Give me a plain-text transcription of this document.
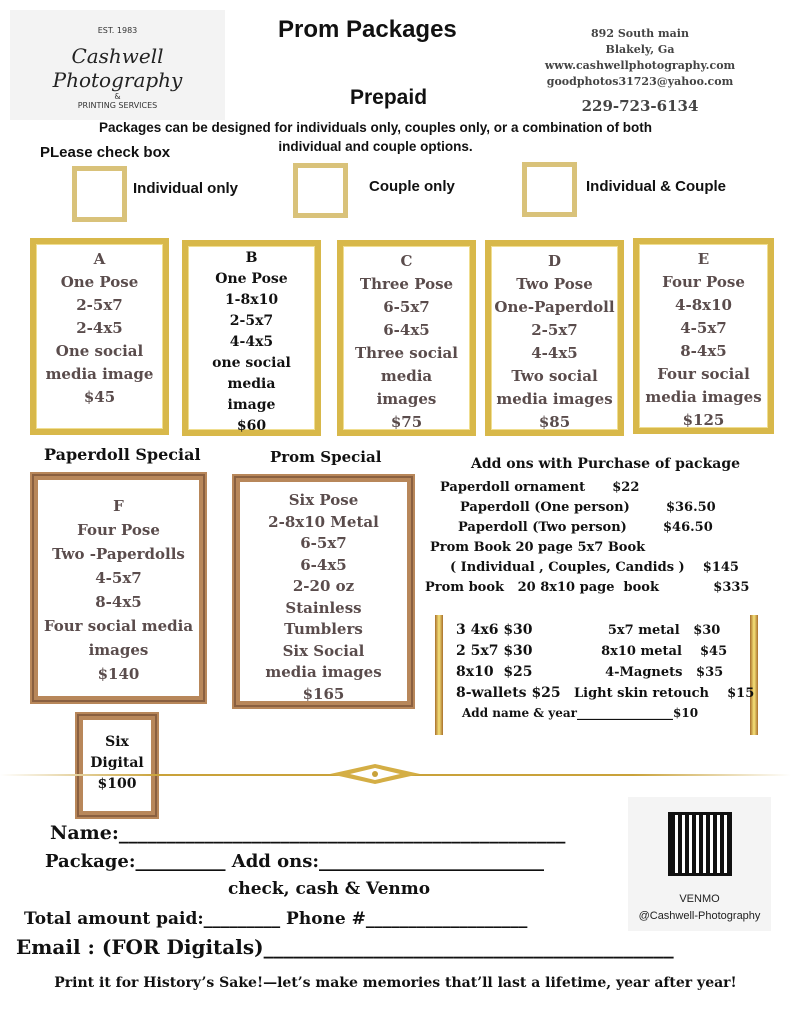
EST. 1983
Cashwell Photography
&
PRINTING SERVICES
Prom Packages
Prepaid
892 South main
Blakely, Ga
www.cashwellphotography.com
goodphotos31723@yahoo.com
229-723-6134
Packages can be designed for individuals only, couples only, or a combination of both
individual and couple options.
PLease check box
Individual only	Couple only	Individual & Couple
A
One Pose
2-5x7
2-4x5
One social
media image
$45
B
One Pose
1-8x10
2-5x7
4-4x5
one social
media
image
$60
C
Three Pose
6-5x7
6-4x5
Three social
media
images
$75
D
Two Pose
One-Paperdoll
2-5x7
4-4x5
Two social
media images
$85
E
Four Pose
4-8x10
4-5x7
8-4x5
Four social
media images
$125
Paperdoll Special
F
Four Pose
Two -Paperdolls
4-5x7
8-4x5
Four social media
images
$140
Prom Special
Six Pose
2-8x10 Metal
6-5x7
6-4x5
2-20 oz
Stainless
Tumblers
Six Social
media images
$165
Six
Digital
$100
Add ons with Purchase of package
Paperdoll ornament      $22
Paperdoll (One person)        $36.50
Paperdoll (Two person)        $46.50
Prom Book 20 page 5x7 Book
( Individual , Couples, Candids )    $145
Prom book   20 8x10 page  book            $335
3 4x6 $30
2 5x7 $30
8x10  $25
8-wallets $25
5x7 metal   $30
8x10 metal    $45
4-Magnets   $35
Light skin retouch    $15
Add name & year________________$10
Name:_______________________________________________
Package:__________ Add ons:_________________________
check, cash & Venmo
Total amount paid:_________ Phone #___________________
Email : (FOR Digitals)_________________________________________
VENMO
@Cashwell-Photography
Print it for History’s Sake!—let’s make memories that’ll last a lifetime, year after year!
